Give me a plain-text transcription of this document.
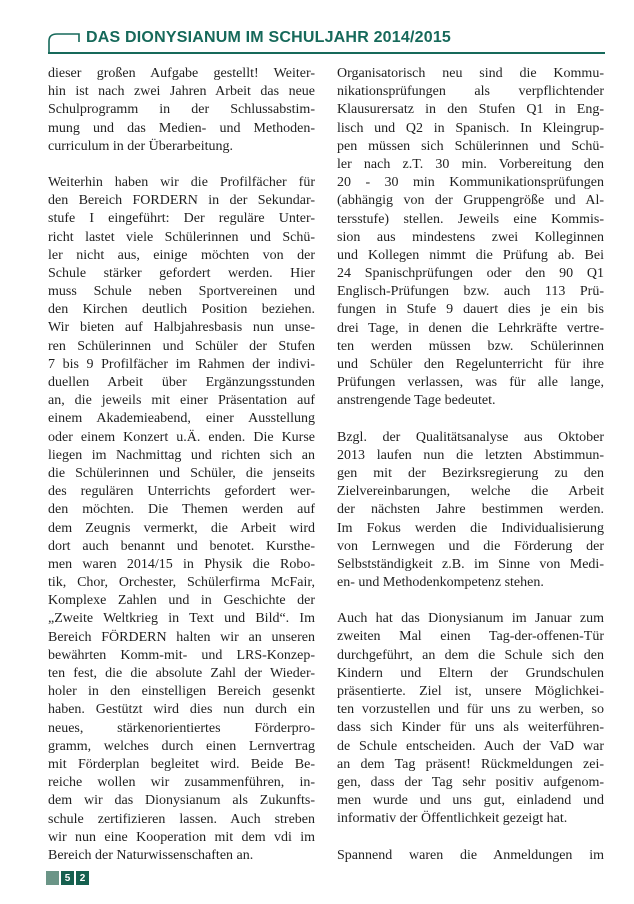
DAS DIONYSIANUM IM SCHULJAHR 2014/2015
dieser großen Aufgabe gestellt! Weiter-
hin ist nach zwei Jahren Arbeit das neue
Schulprogramm in der Schlussabstim-
mung und das Medien- und Methoden-
curriculum in der Überarbeitung.
Weiterhin haben wir die Profilfächer für
den Bereich FORDERN in der Sekundar-
stufe I eingeführt: Der reguläre Unter-
richt lastet viele Schülerinnen und Schü-
ler nicht aus, einige möchten von der
Schule stärker gefordert werden. Hier
muss Schule neben Sportvereinen und
den Kirchen deutlich Position beziehen.
Wir bieten auf Halbjahresbasis nun unse-
ren Schülerinnen und Schüler der Stufen
7 bis 9 Profilfächer im Rahmen der indivi-
duellen Arbeit über Ergänzungsstunden
an, die jeweils mit einer Präsentation auf
einem Akademieabend, einer Ausstellung
oder einem Konzert u.Ä. enden. Die Kurse
liegen im Nachmittag und richten sich an
die Schülerinnen und Schüler, die jenseits
des regulären Unterrichts gefordert wer-
den möchten. Die Themen werden auf
dem Zeugnis vermerkt, die Arbeit wird
dort auch benannt und benotet. Kursthe-
men waren 2014/15 in Physik die Robo-
tik, Chor, Orchester, Schülerfirma McFair,
Komplexe Zahlen und in Geschichte der
„Zweite Weltkrieg in Text und Bild“. Im
Bereich FÖRDERN halten wir an unseren
bewährten Komm-mit- und LRS-Konzep-
ten fest, die die absolute Zahl der Wieder-
holer in den einstelligen Bereich gesenkt
haben. Gestützt wird dies nun durch ein
neues, stärkenorientiertes Förderpro-
gramm, welches durch einen Lernvertrag
mit Förderplan begleitet wird. Beide Be-
reiche wollen wir zusammenführen, in-
dem wir das Dionysianum als Zukunfts-
schule zertifizieren lassen. Auch streben
wir nun eine Kooperation mit dem vdi im
Bereich der Naturwissenschaften an.
Organisatorisch neu sind die Kommu-
nikationsprüfungen als verpflichtender
Klausurersatz in den Stufen Q1 in Eng-
lisch und Q2 in Spanisch. In Kleingrup-
pen müssen sich Schülerinnen und Schü-
ler nach z.T. 30 min. Vorbereitung den
20 - 30 min Kommunikationsprüfungen
(abhängig von der Gruppengröße und Al-
tersstufe) stellen. Jeweils eine Kommis-
sion aus mindestens zwei Kolleginnen
und Kollegen nimmt die Prüfung ab. Bei
24 Spanischprüfungen oder den 90 Q1
Englisch-Prüfungen bzw. auch 113 Prü-
fungen in Stufe 9 dauert dies je ein bis
drei Tage, in denen die Lehrkräfte vertre-
ten werden müssen bzw. Schülerinnen
und Schüler den Regelunterricht für ihre
Prüfungen verlassen, was für alle lange,
anstrengende Tage bedeutet.
Bzgl. der Qualitätsanalyse aus Oktober
2013 laufen nun die letzten Abstimmun-
gen mit der Bezirksregierung zu den
Zielvereinbarungen, welche die Arbeit
der nächsten Jahre bestimmen werden.
Im Fokus werden die Individualisierung
von Lernwegen und die Förderung der
Selbstständigkeit z.B. im Sinne von Medi-
en- und Methodenkompetenz stehen.
Auch hat das Dionysianum im Januar zum
zweiten Mal einen Tag-der-offenen-Tür
durchgeführt, an dem die Schule sich den
Kindern und Eltern der Grundschulen
präsentierte. Ziel ist, unsere Möglichkei-
ten vorzustellen und für uns zu werben, so
dass sich Kinder für uns als weiterführen-
de Schule entscheiden. Auch der VaD war
an dem Tag präsent! Rückmeldungen zei-
gen, dass der Tag sehr positiv aufgenom-
men wurde und uns gut, einladend und
informativ der Öffentlichkeit gezeigt hat.
Spannend waren die Anmeldungen im
5 2
